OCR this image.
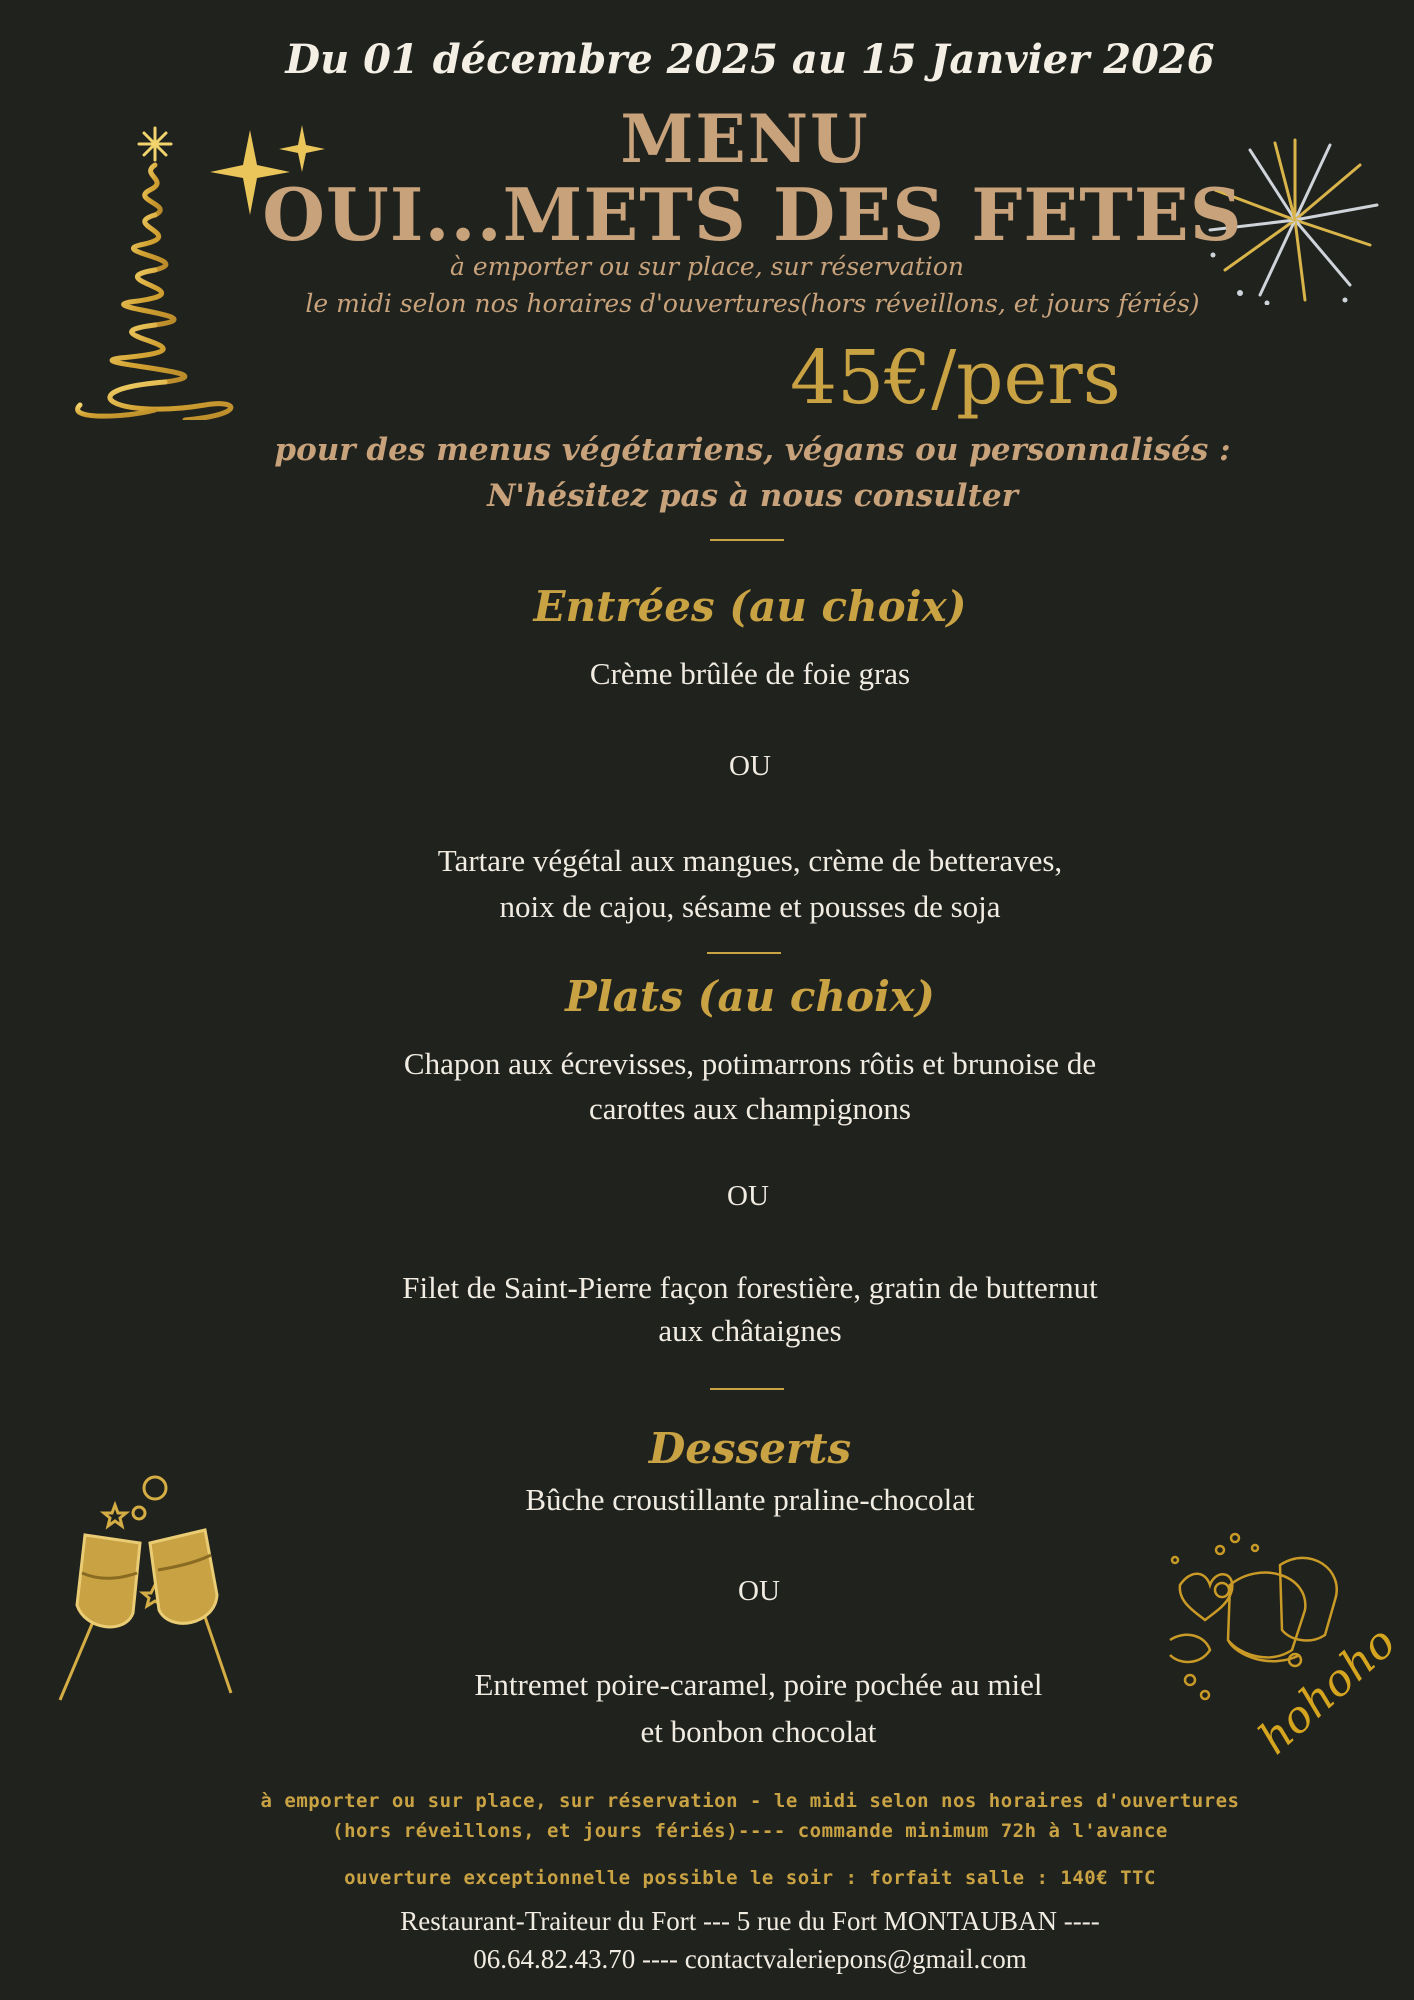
Du 01 décembre 2025 au 15 Janvier 2026
MENU
OUI...METS DES FETES
à emporter ou sur place, sur réservation
le midi selon nos horaires d'ouvertures(hors réveillons, et jours fériés)
45€/pers
pour des menus végétariens, végans ou personnalisés :
N'hésitez pas à nous consulter
Entrées (au choix)
Crème brûlée de foie gras
OU
Tartare végétal aux mangues, crème de betteraves,
noix de cajou, sésame et pousses de soja
Plats (au choix)
Chapon aux écrevisses, potimarrons rôtis et brunoise de
carottes aux champignons
OU
Filet de Saint-Pierre façon forestière, gratin de butternut
aux châtaignes
Desserts
Bûche croustillante praline-chocolat
OU
Entremet poire-caramel, poire pochée au miel
et bonbon chocolat	hohoho
à emporter ou sur place, sur réservation - le midi selon nos horaires d'ouvertures
(hors réveillons, et jours fériés)---- commande minimum 72h à l'avance
ouverture exceptionnelle possible le soir : forfait salle : 140€ TTC
Restaurant-Traiteur du Fort --- 5 rue du Fort MONTAUBAN ----
06.64.82.43.70 ---- contactvaleriepons@gmail.com
